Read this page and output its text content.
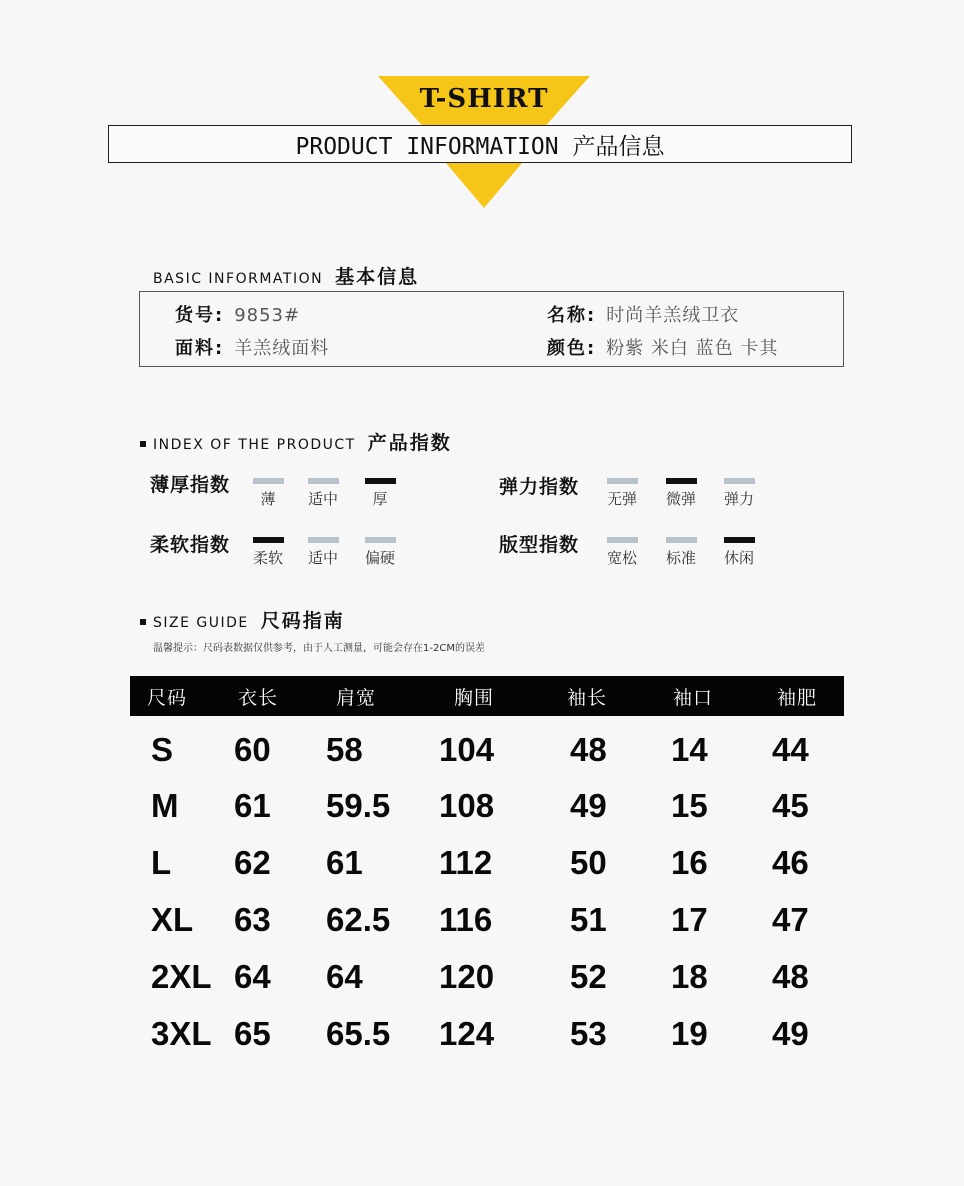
T-SHIRT
PRODUCT INFORMATION 产品信息
BASIC INFORMATION 基本信息
货号: 9853#	名称: 时尚羊羔绒卫衣
面料: 羊羔绒面料	颜色: 粉紫 米白 蓝色 卡其
INDEX OF THE PRODUCT 产品指数
薄厚指数
薄	适中	厚
弹力指数
无弹	微弹	弹力
柔软指数
柔软	适中	偏硬
版型指数
宽松	标准	休闲
SIZE GUIDE 尺码指南
温馨提示：尺码表数据仅供参考，由于人工测量，可能会存在1-2CM的误差
尺码	衣长	肩宽	胸围	袖长	袖口	袖肥
S 60 58 104 48 14 44
M 61 59.5 108 49 15 45
L 62 61 112 50 16 46
XL 63 62.5 116 51 17 47
2XL 64 64 120 52 18 48
3XL 65 65.5 124 53 19 49
